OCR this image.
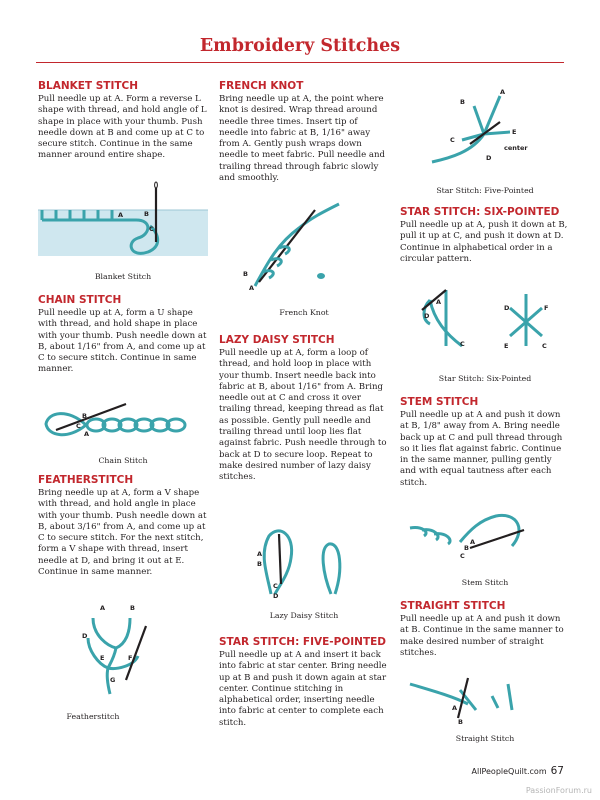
Embroidery Stitches
BLANKET STITCH
Pull needle up at A. Form a reverse L shape with thread, and hold angle of L shape in place with your thumb. Push needle down at B and come up at C to secure stitch. Continue in the same manner around entire shape.
A	B
C
Blanket Stitch
CHAIN STITCH
Pull needle up at A, form a U shape with thread, and hold shape in place with your thumb. Push needle down at B, about 1/16" from A, and come up at C to secure stitch. Continue in same manner.
B
C
A
Chain Stitch
FEATHERSTITCH
Bring needle up at A, form a V shape with thread, and hold angle in place with your thumb. Push needle down at B, about 3/16" from A, and come up at C to secure stitch. For the next stitch, form a V shape with thread, insert needle at D, and bring it out at E. Continue in same manner.
A	B
D
F
E
G
Featherstitch
FRENCH KNOT
Bring needle up at A, the point where knot is desired. Wrap thread around needle three times. Insert tip of needle into fabric at B, 1/16" away from A. Gently push wraps down needle to meet fabric. Pull needle and trailing thread through fabric slowly and smoothly.
B
A
French Knot
LAZY DAISY STITCH
Pull needle up at A, form a loop of thread, and hold loop in place with your thumb. Insert needle back into fabric at B, about 1/16" from A. Bring needle out at C and cross it over trailing thread, keeping thread as flat as possible. Gently pull needle and trailing thread until loop lies flat against fabric. Push needle through to back at D to secure loop. Repeat to make desired number of lazy daisy stitches.
A
B
C
D
Lazy Daisy Stitch
STAR STITCH: FIVE-POINTED
Pull needle up at A and insert it back into fabric at star center. Bring needle up at B and push it down again at star center. Continue stitching in alphabetical order, inserting needle into fabric at center to complete each stitch.
B
A
E
C
D
center
Star Stitch: Five-Pointed
STAR STITCH: SIX-POINTED
Pull needle up at A, push it down at B, pull it up at C, and push it down at D. Continue in alphabetical order in a circular pattern.
A
D
C
D	F
E	C
Star Stitch: Six-Pointed
STEM STITCH
Pull needle up at A and push it down at B, 1/8" away from A. Bring needle back up at C and pull thread through so it lies flat against fabric. Continue in the same manner, pulling gently and with equal tautness after each stitch.
B
A
C
Stem Stitch
STRAIGHT STITCH
Pull needle up at A and push it down at B. Continue in the same manner to make desired number of straight stitches.
A
B
Straight Stitch
AllPeopleQuilt.com 67
PassionForum.ru
